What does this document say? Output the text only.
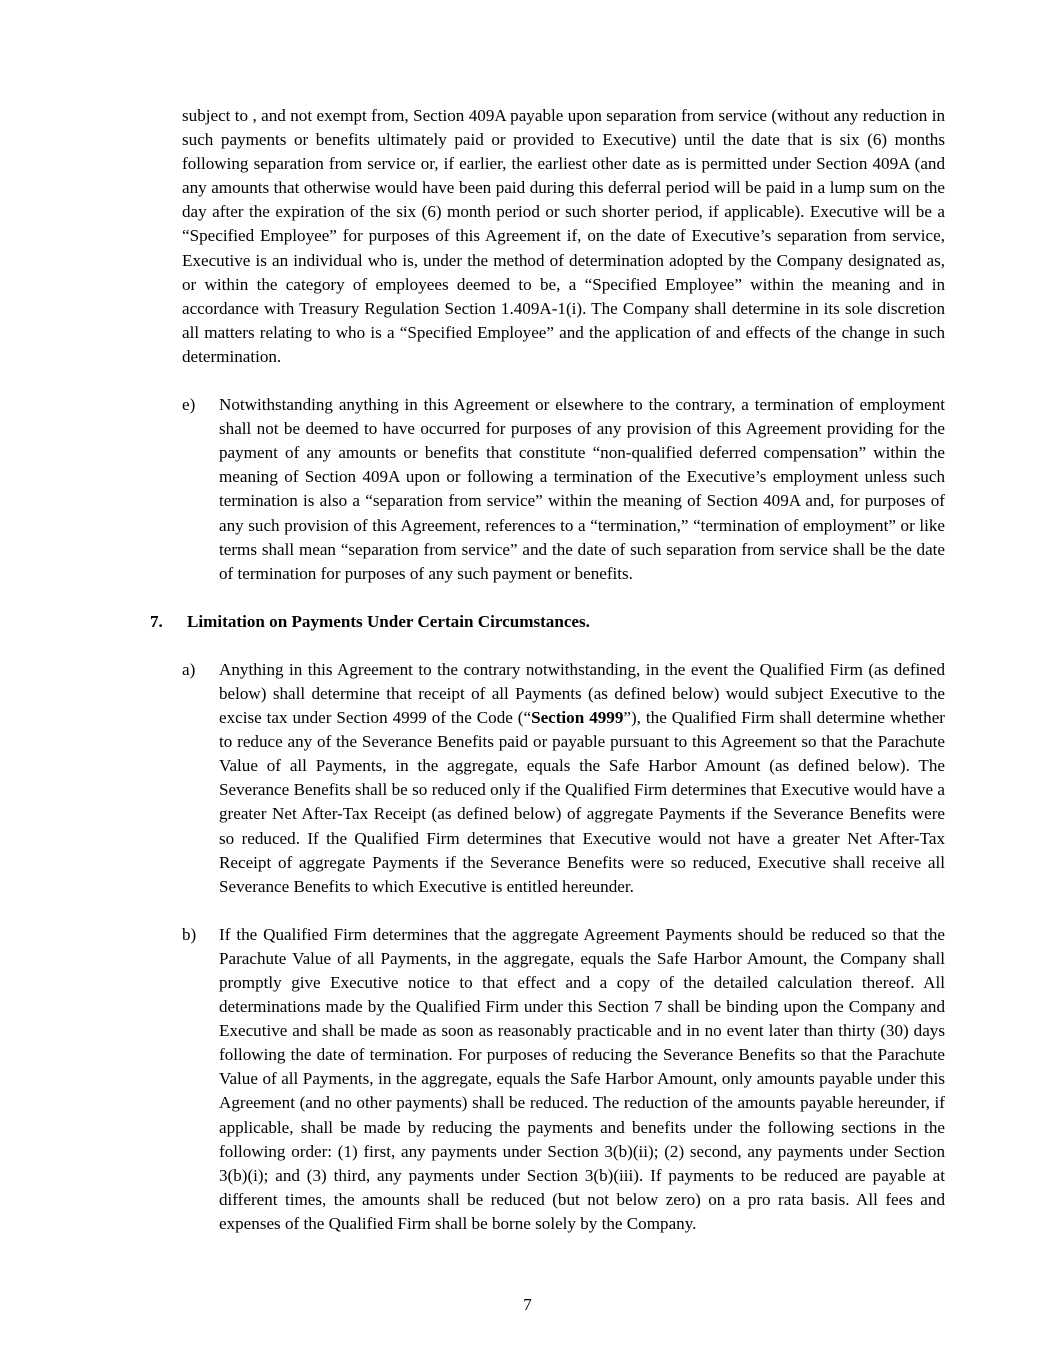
subject to , and not exempt from, Section 409A payable upon separation from service (without any reduction in such payments or benefits ultimately paid or provided to Executive) until the date that is six (6) months following separation from service or, if earlier, the earliest other date as is permitted under Section 409A (and any amounts that otherwise would have been paid during this deferral period will be paid in a lump sum on the day after the expiration of the six (6) month period or such shorter period, if applicable). Executive will be a “Specified Employee” for purposes of this Agreement if, on the date of Executive’s separation from service, Executive is an individual who is, under the method of determination adopted by the Company designated as, or within the category of employees deemed to be, a “Specified Employee” within the meaning and in accordance with Treasury Regulation Section 1.409A-1(i). The Company shall determine in its sole discretion all matters relating to who is a “Specified Employee” and the application of and effects of the change in such determination.

e)	Notwithstanding anything in this Agreement or elsewhere to the contrary, a termination of employment shall not be deemed to have occurred for purposes of any provision of this Agreement providing for the payment of any amounts or benefits that constitute “non-qualified deferred compensation” within the meaning of Section 409A upon or following a termination of the Executive’s employment unless such termination is also a “separation from service” within the meaning of Section 409A and, for purposes of any such provision of this Agreement, references to a “termination,” “termination of employment” or like terms shall mean “separation from service” and the date of such separation from service shall be the date of termination for purposes of any such payment or benefits.
7. Limitation on Payments Under Certain Circumstances.
a)	Anything in this Agreement to the contrary notwithstanding, in the event the Qualified Firm (as defined below) shall determine that receipt of all Payments (as defined below) would subject Executive to the excise tax under Section 4999 of the Code (“Section 4999”), the Qualified Firm shall determine whether to reduce any of the Severance Benefits paid or payable pursuant to this Agreement so that the Parachute Value of all Payments, in the aggregate, equals the Safe Harbor Amount (as defined below). The Severance Benefits shall be so reduced only if the Qualified Firm determines that Executive would have a greater Net After-Tax Receipt (as defined below) of aggregate Payments if the Severance Benefits were so reduced. If the Qualified Firm determines that Executive would not have a greater Net After-Tax Receipt of aggregate Payments if the Severance Benefits were so reduced, Executive shall receive all Severance Benefits to which Executive is entitled hereunder.
b)	If the Qualified Firm determines that the aggregate Agreement Payments should be reduced so that the Parachute Value of all Payments, in the aggregate, equals the Safe Harbor Amount, the Company shall promptly give Executive notice to that effect and a copy of the detailed calculation thereof. All determinations made by the Qualified Firm under this Section 7 shall be binding upon the Company and Executive and shall be made as soon as reasonably practicable and in no event later than thirty (30) days following the date of termination. For purposes of reducing the Severance Benefits so that the Parachute Value of all Payments, in the aggregate, equals the Safe Harbor Amount, only amounts payable under this Agreement (and no other payments) shall be reduced. The reduction of the amounts payable hereunder, if applicable, shall be made by reducing the payments and benefits under the following sections in the following order: (1) first, any payments under Section 3(b)(ii); (2) second, any payments under Section 3(b)(i); and (3) third, any payments under Section 3(b)(iii). If payments to be reduced are payable at different times, the amounts shall be reduced (but not below zero) on a pro rata basis. All fees and expenses of the Qualified Firm shall be borne solely by the Company.
7
